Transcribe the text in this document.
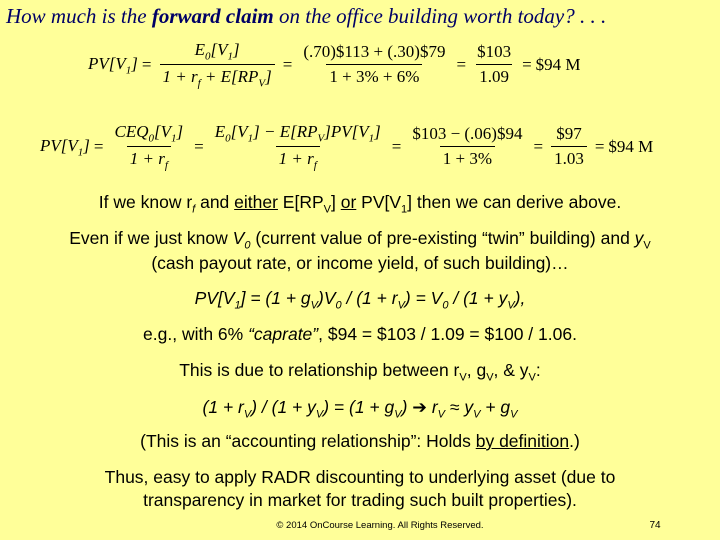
How much is the forward claim on the office building worth today? . . .
$PV[V_1] = \frac{E_0[V_1]}{1 + r_f + E[RP_V]} = \frac{(.70)\$113 + (.30)\$79}{1 + 3\% + 6\%} = \frac{\$103}{1.09}$ = $94 M
$PV[V_1] = \frac{CEQ_0[V_1]}{1 + r_f} = \frac{E_0[V_1] - E[RP_V]PV[V_1]}{1 + r_f} = \frac{\$103 - (.06)\$94}{1 + 3\%} = \frac{\$97}{1.03}$ = $94 M
If we know $r_f$ and either $E[RP_V]$ or $PV[V_1]$ then we can derive above.
Even if we just know $V_0$ (current value of pre-existing “twin” building) and $y_V$
(cash payout rate, or income yield, of such building)…
$PV[V_1] = (1 + g_V)V_0 / (1 + r_V) = V_0 / (1 + y_V)$,
e.g., with 6% “caprate”, $94 = $103 / 1.09 = $100 / 1.06.
This is due to relationship between $r_V$, $g_V$, & $y_V$:
$(1 + r_V) / (1 + y_V) = (1 + g_V)$ ➔ $r_V \approx y_V + g_V$
(This is an “accounting relationship”: Holds by definition.)
Thus, easy to apply RADR discounting to underlying asset (due to
transparency in market for trading such built properties).
© 2014 OnCourse Learning. All Rights Reserved.	74
